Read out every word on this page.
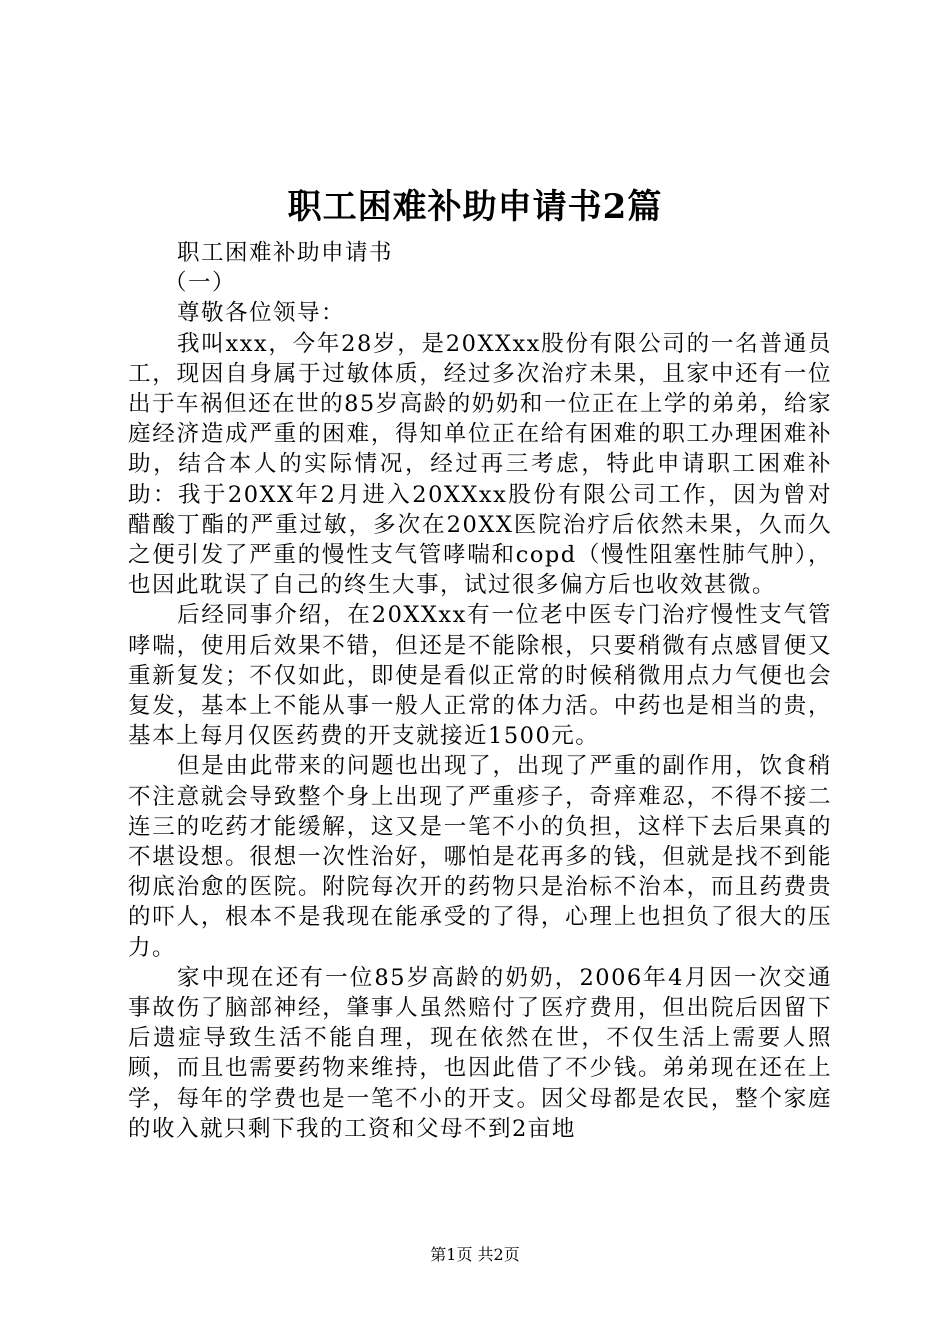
职工困难补助申请书2篇

职工困难补助申请书

（一）

尊敬各位领导：

我叫xxx，今年28岁，是20XXxx股份有限公司的一名普通员工，现因自身属于过敏体质，经过多次治疗未果，且家中还有一位出于车祸但还在世的85岁高龄的奶奶和一位正在上学的弟弟，给家庭经济造成严重的困难，得知单位正在给有困难的职工办理困难补助，结合本人的实际情况，经过再三考虑，特此申请职工困难补助：我于20XX年2月进入20XXxx股份有限公司工作，因为曾对醋酸丁酯的严重过敏，多次在20XX医院治疗后依然未果，久而久之便引发了严重的慢性支气管哮喘和copd（慢性阻塞性肺气肿），也因此耽误了自己的终生大事，试过很多偏方后也收效甚微。

后经同事介绍，在20XXxx有一位老中医专门治疗慢性支气管哮喘，使用后效果不错，但还是不能除根，只要稍微有点感冒便又重新复发；不仅如此，即使是看似正常的时候稍微用点力气便也会复发，基本上不能从事一般人正常的体力活。中药也是相当的贵，基本上每月仅医药费的开支就接近1500元。

但是由此带来的问题也出现了，出现了严重的副作用，饮食稍不注意就会导致整个身上出现了严重疹子，奇痒难忍，不得不接二连三的吃药才能缓解，这又是一笔不小的负担，这样下去后果真的不堪设想。很想一次性治好，哪怕是花再多的钱，但就是找不到能彻底治愈的医院。附院每次开的药物只是治标不治本，而且药费贵的吓人，根本不是我现在能承受的了得，心理上也担负了很大的压力。

家中现在还有一位85岁高龄的奶奶，2006年4月因一次交通事故伤了脑部神经，肇事人虽然赔付了医疗费用，但出院后因留下后遗症导致生活不能自理，现在依然在世，不仅生活上需要人照顾，而且也需要药物来维持，也因此借了不少钱。弟弟现在还在上学，每年的学费也是一笔不小的开支。因父母都是农民，整个家庭的收入就只剩下我的工资和父母不到2亩地

第1页 共2页
